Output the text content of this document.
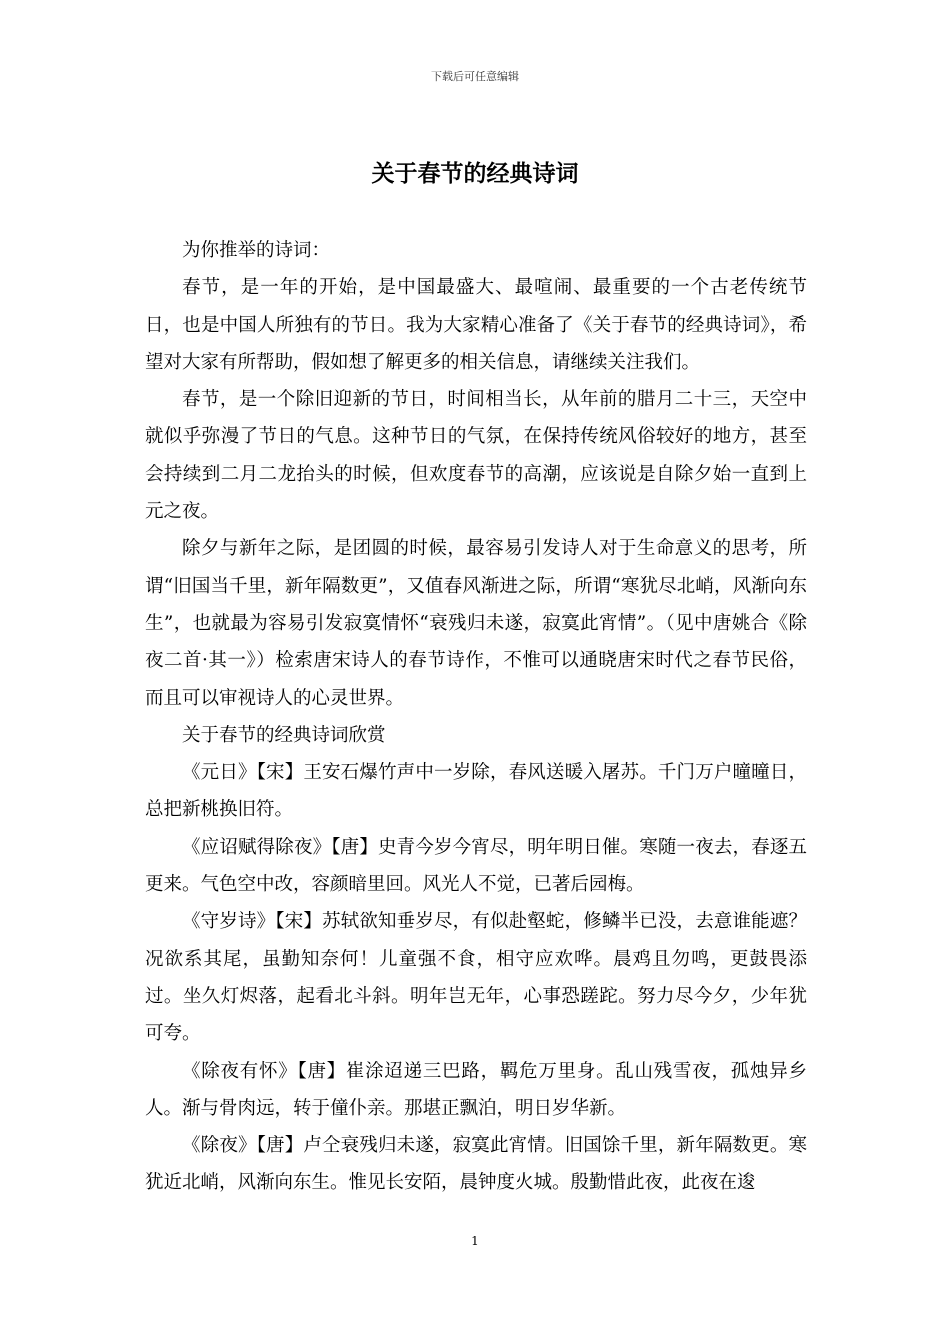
下载后可任意编辑
关于春节的经典诗词

为你推举的诗词：

春节，是一年的开始，是中国最盛大、最喧闹、最重要的一个古老传统节日，也是中国人所独有的节日。我为大家精心准备了《关于春节的经典诗词》，希望对大家有所帮助，假如想了解更多的相关信息，请继续关注我们。

春节，是一个除旧迎新的节日，时间相当长，从年前的腊月二十三，天空中就似乎弥漫了节日的气息。这种节日的气氛，在保持传统风俗较好的地方，甚至会持续到二月二龙抬头的时候，但欢度春节的高潮，应该说是自除夕始一直到上元之夜。

除夕与新年之际，是团圆的时候，最容易引发诗人对于生命意义的思考，所谓“旧国当千里，新年隔数更”，又值春风渐进之际，所谓“寒犹尽北峭，风渐向东生”，也就最为容易引发寂寞情怀“衰残归未遂，寂寞此宵情”。（见中唐姚合《除夜二首·其一》）检索唐宋诗人的春节诗作，不惟可以通晓唐宋时代之春节民俗，而且可以审视诗人的心灵世界。

关于春节的经典诗词欣赏

《元日》【宋】王安石爆竹声中一岁除，春风送暖入屠苏。千门万户曈曈日，总把新桃换旧符。

《应诏赋得除夜》【唐】史青今岁今宵尽，明年明日催。寒随一夜去，春逐五更来。气色空中改，容颜暗里回。风光人不觉，已著后园梅。

《守岁诗》【宋】苏轼欲知垂岁尽，有似赴壑蛇，修鳞半已没，去意谁能遮？况欲系其尾，虽勤知奈何！儿童强不食，相守应欢哗。晨鸡且勿鸣，更鼓畏添过。坐久灯烬落，起看北斗斜。明年岂无年，心事恐蹉跎。努力尽今夕，少年犹可夸。

《除夜有怀》【唐】崔涂迢递三巴路，羁危万里身。乱山残雪夜，孤烛异乡人。渐与骨肉远，转于僮仆亲。那堪正飘泊，明日岁华新。

《除夜》【唐】卢仝衰残归未遂，寂寞此宵情。旧国馀千里，新年隔数更。寒犹近北峭，风渐向东生。惟见长安陌，晨钟度火城。殷勤惜此夜，此夜在逡

1
